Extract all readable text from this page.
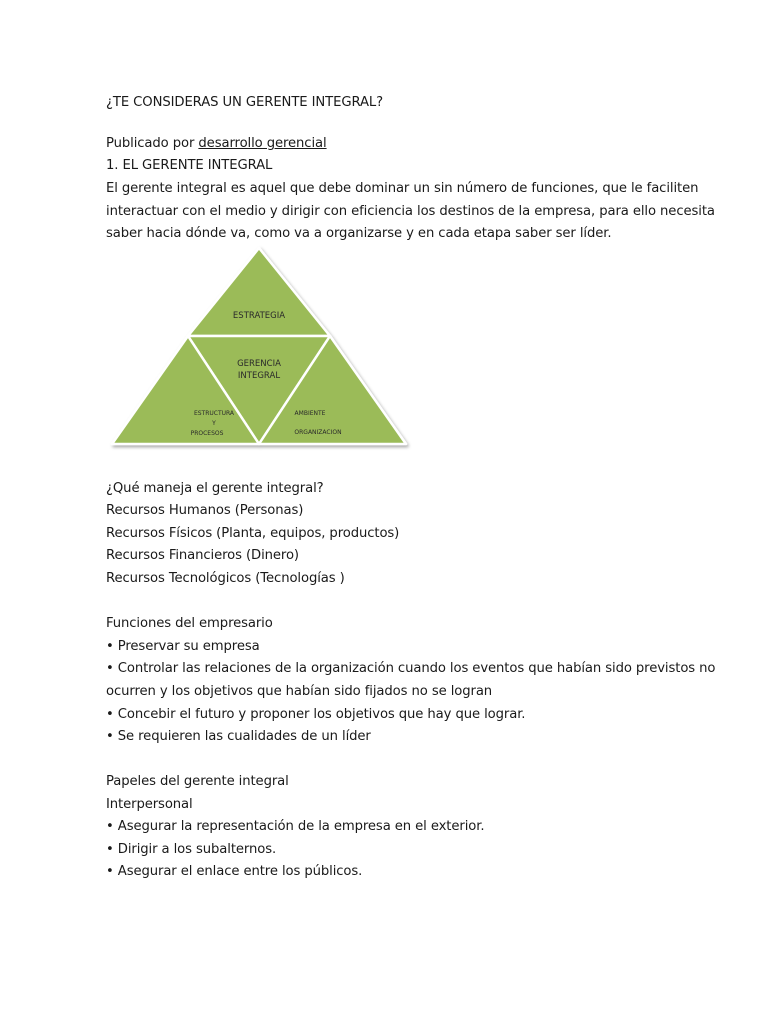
¿TE CONSIDERAS UN GERENTE INTEGRAL?
Publicado por desarrollo gerencial
1. EL GERENTE INTEGRAL
El gerente integral es aquel que debe dominar un sin número de funciones, que le faciliten
interactuar con el medio y dirigir con eficiencia los destinos de la empresa, para ello necesita
saber hacia dónde va, como va a organizarse y en cada etapa saber ser líder.
ESTRATEGIA
GERENCIA
INTEGRAL
ESTRUCTURA
Y
PROCESOS
AMBIENTE
ORGANIZACION
¿Qué maneja el gerente integral?
Recursos Humanos (Personas)
Recursos Físicos (Planta, equipos, productos)
Recursos Financieros (Dinero)
Recursos Tecnológicos (Tecnologías )
Funciones del empresario
• Preservar su empresa
• Controlar las relaciones de la organización cuando los eventos que habían sido previstos no
ocurren y los objetivos que habían sido fijados no se logran
• Concebir el futuro y proponer los objetivos que hay que lograr.
• Se requieren las cualidades de un líder
Papeles del gerente integral
Interpersonal
• Asegurar la representación de la empresa en el exterior.
• Dirigir a los subalternos.
• Asegurar el enlace entre los públicos.
